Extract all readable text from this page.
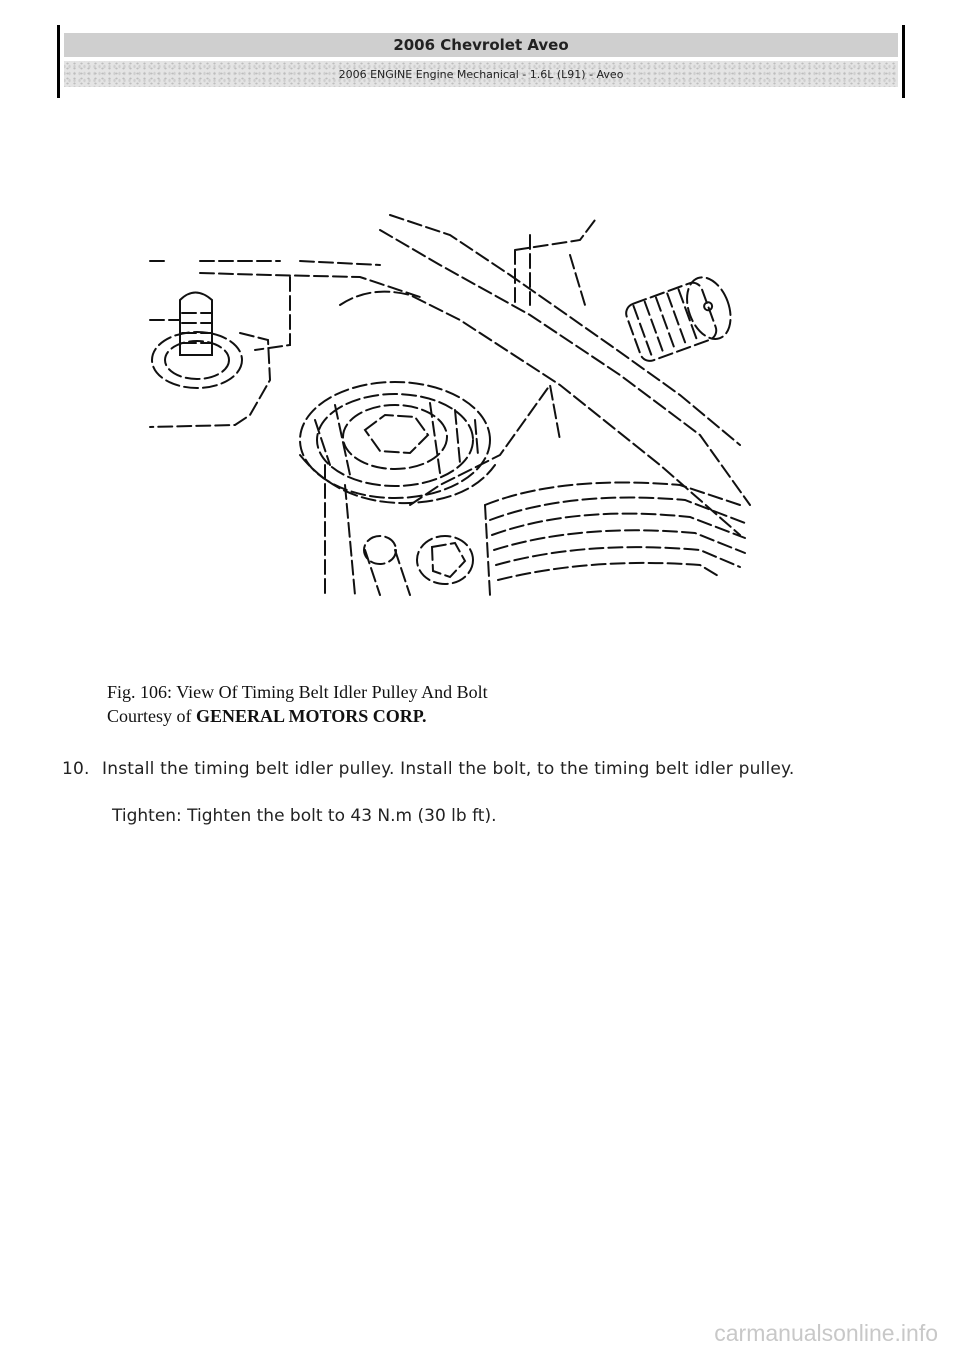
2006 Chevrolet Aveo
2006 ENGINE Engine Mechanical - 1.6L (L91) - Aveo
Fig. 106: View Of Timing Belt Idler Pulley And Bolt
Courtesy of GENERAL MOTORS CORP.
10. Install the timing belt idler pulley. Install the bolt, to the timing belt idler pulley.
Tighten: Tighten the bolt to 43 N.m (30 lb ft).
carmanualsonline.info
